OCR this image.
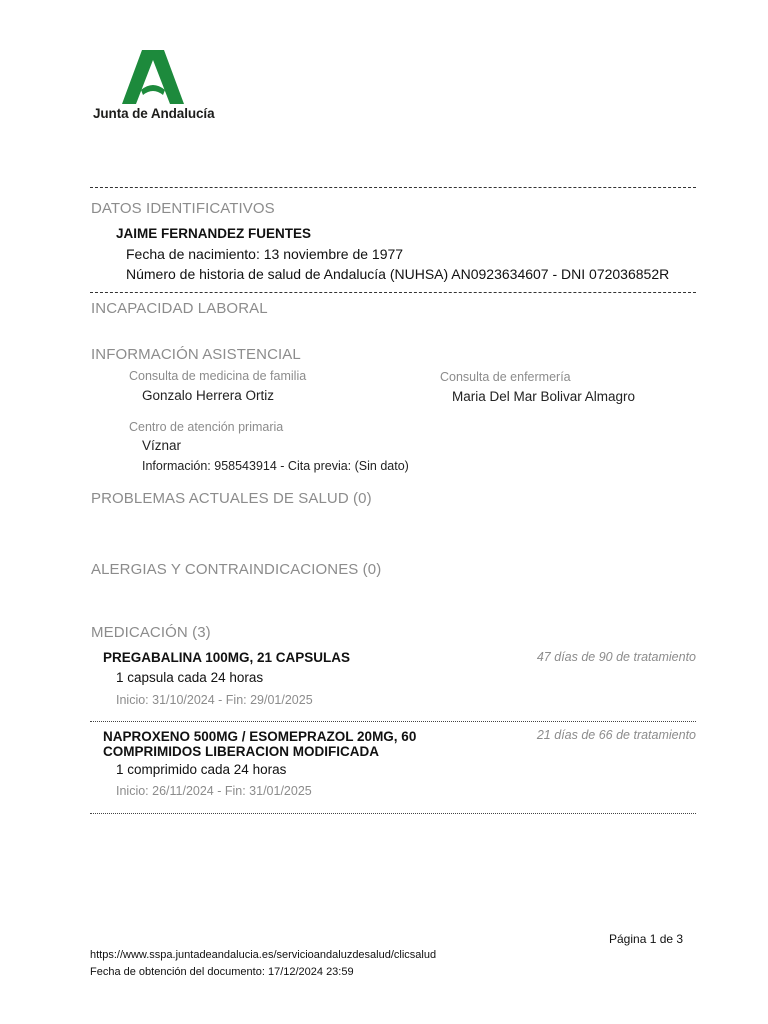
Junta de Andalucía
DATOS IDENTIFICATIVOS
JAIME FERNANDEZ FUENTES
Fecha de nacimiento: 13 noviembre de 1977
Número de historia de salud de Andalucía (NUHSA) AN0923634607 - DNI 072036852R
INCAPACIDAD LABORAL
INFORMACIÓN ASISTENCIAL
Consulta de medicina de familia
Gonzalo Herrera Ortiz
Consulta de enfermería
Maria Del Mar Bolivar Almagro
Centro de atención primaria
Víznar
Información: 958543914 - Cita previa: (Sin dato)
PROBLEMAS ACTUALES DE SALUD (0)
ALERGIAS Y CONTRAINDICACIONES (0)
MEDICACIÓN (3)
PREGABALINA 100MG, 21 CAPSULAS	47 días de 90 de tratamiento
1 capsula cada 24 horas
Inicio: 31/10/2024 - Fin: 29/01/2025
NAPROXENO 500MG / ESOMEPRAZOL 20MG, 60 COMPRIMIDOS LIBERACION MODIFICADA
21 días de 66 de tratamiento
1 comprimido cada 24 horas
Inicio: 26/11/2024 - Fin: 31/01/2025
Página 1 de 3
https://www.sspa.juntadeandalucia.es/servicioandaluzdesalud/clicsalud
Fecha de obtención del documento: 17/12/2024 23:59
